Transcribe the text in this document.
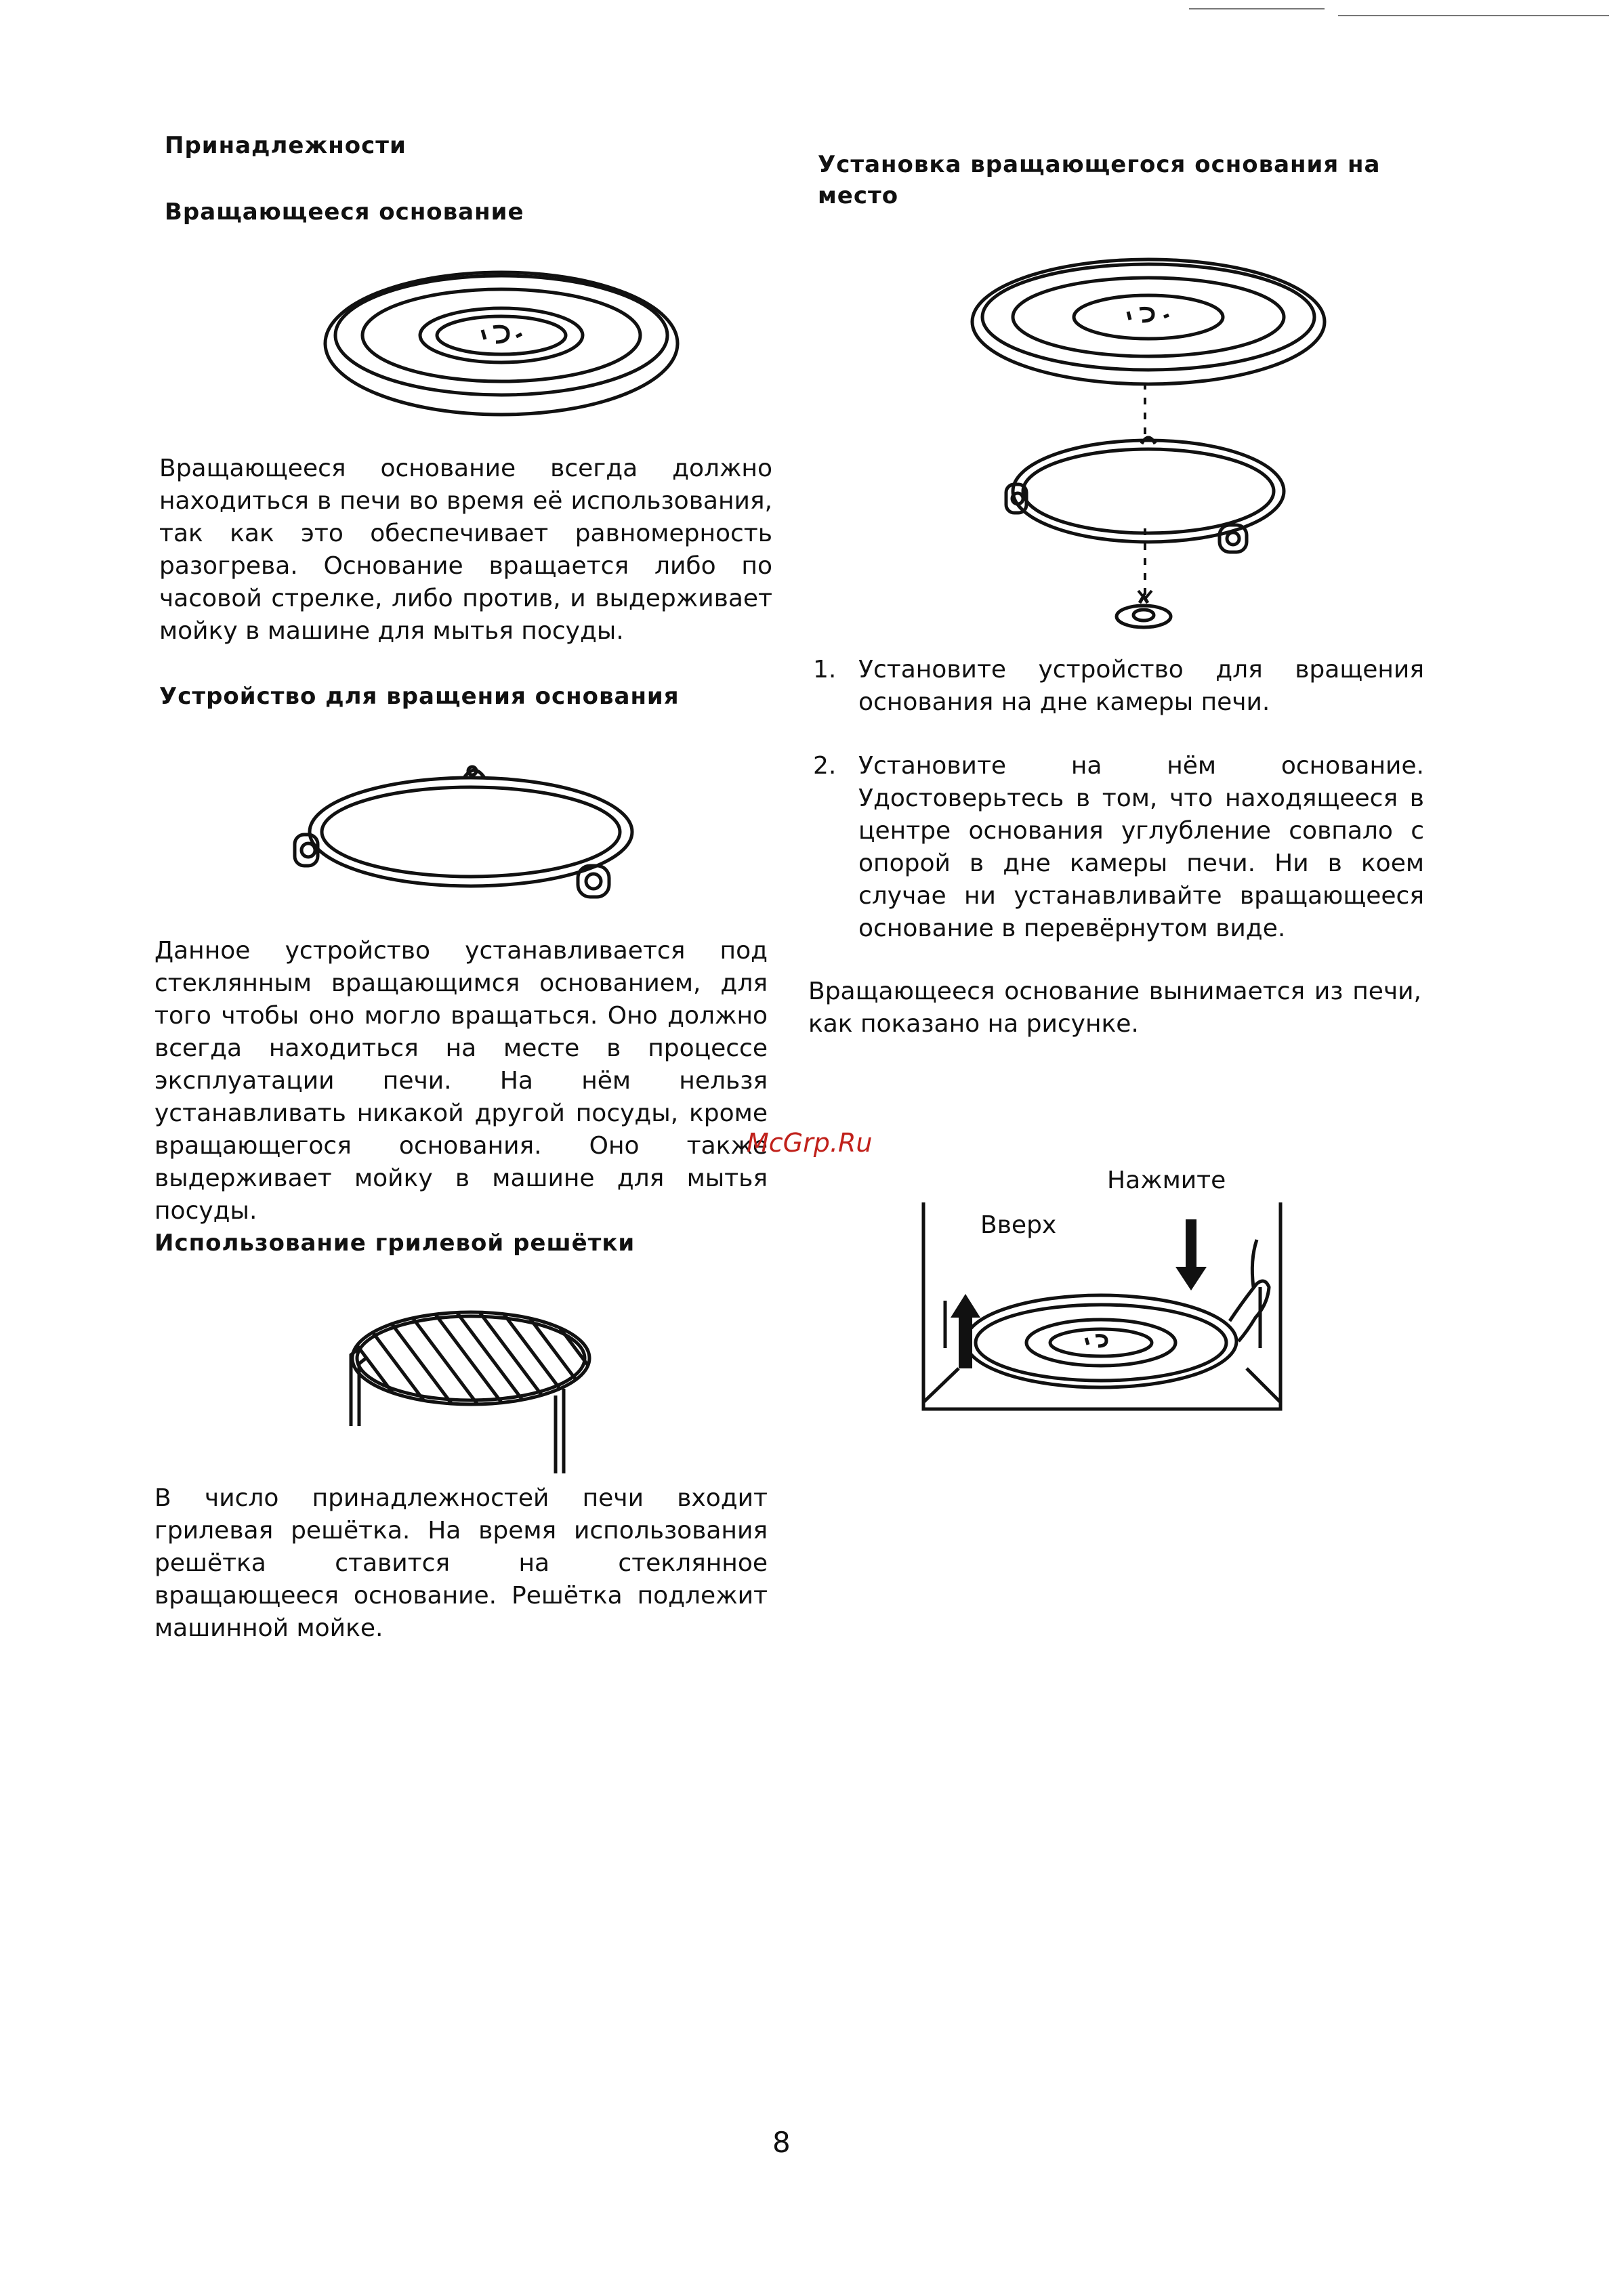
Принадлежности
Вращающееся основание
Вращающееся основание всегда должно находиться в печи во время её использования, так как это обеспечивает равномерность разогрева. Основание вращается либо по часовой стрелке, либо против, и выдерживает мойку в машине для мытья посуды.
Устройство для вращения основания
Данное устройство устанавливается под стеклянным вращающимся основанием, для того чтобы оно могло вращаться. Оно должно всегда находиться на месте в процессе эксплуатации печи. На нём нельзя устанавливать никакой другой посуды, кроме вращающегося основания. Оно также выдерживает мойку в машине для мытья посуды.
Использование грилевой решётки
В число принадлежностей печи входит грилевая решётка. На время использования решётка ставится на стеклянное вращающееся основание. Решётка подлежит машинной мойке.
Установка вращающегося основания на место
1. Установите устройство для вращения основания на дне камеры печи.
2. Установите на нём основание. Удостоверьтесь в том, что находящееся в центре основания углубление совпало с опорой в дне камеры печи. Ни в коем случае ни устанавливайте вращающееся основание в перевёрнутом виде.
Вращающееся основание вынимается из печи, как показано на рисунке.
McGrp.Ru
Нажмите
Вверх
8
